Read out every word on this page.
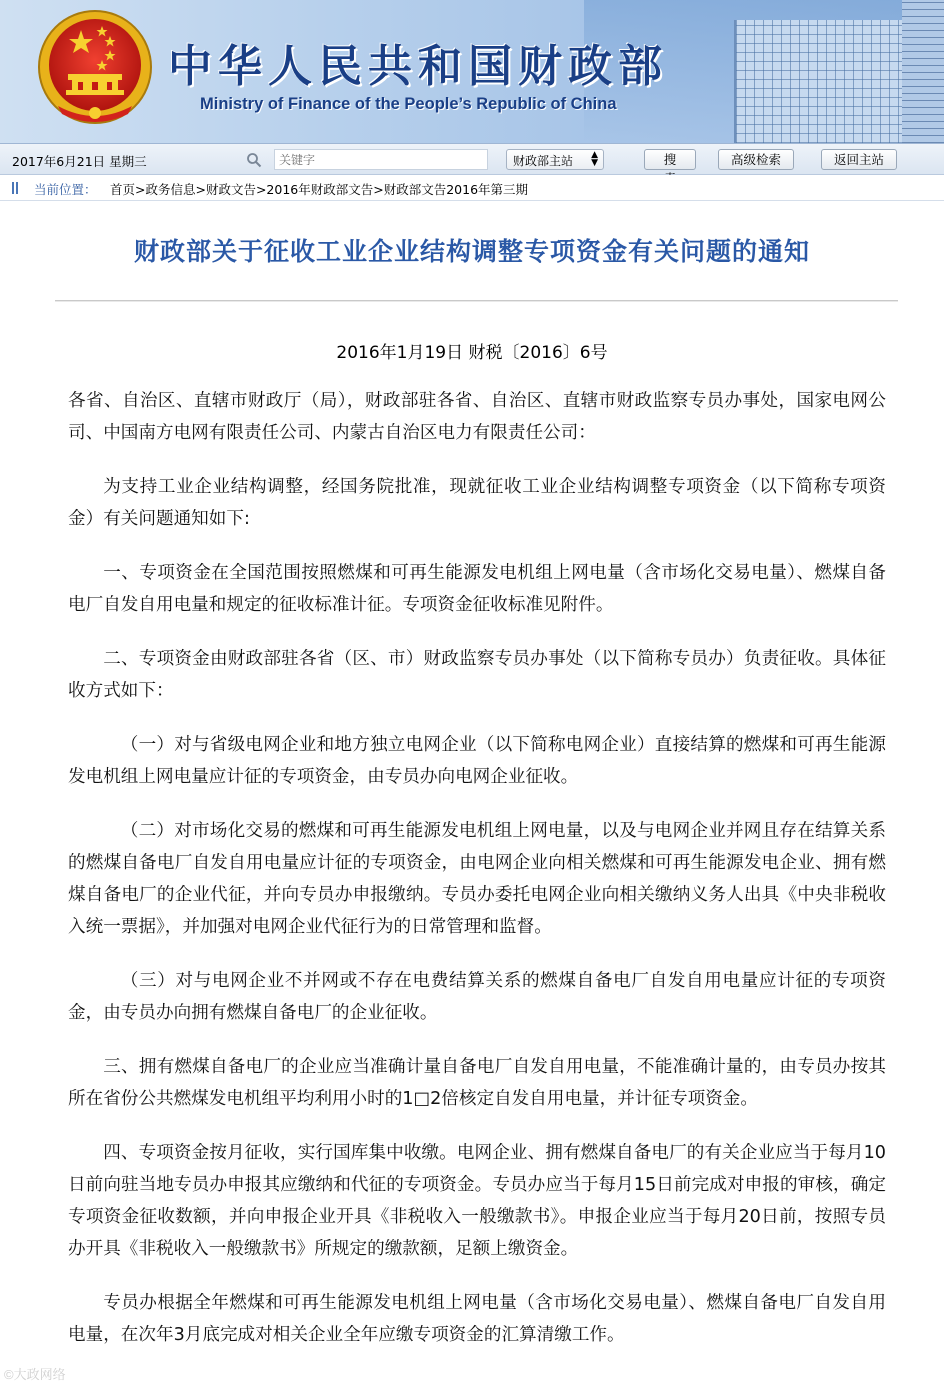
中华人民共和国财政部
Ministry of Finance of the People’s Republic of China
2017年6月21日 星期三
关键字	财政部主站 ▲
▼	搜	高级检索	返回主站
当前位置： 首页>政务信息>财政文告>2016年财政部文告>财政部文告2016年第三期
财政部关于征收工业企业结构调整专项资金有关问题的通知
2016年1月19日 财税〔2016〕6号

各省、自治区、直辖市财政厅（局），财政部驻各省、自治区、直辖市财政监察专员办事处，国家电网公司、中国南方电网有限责任公司、内蒙古自治区电力有限责任公司：

为支持工业企业结构调整，经国务院批准，现就征收工业企业结构调整专项资金（以下简称专项资金）有关问题通知如下:

一、专项资金在全国范围按照燃煤和可再生能源发电机组上网电量（含市场化交易电量）、燃煤自备电厂自发自用电量和规定的征收标准计征。专项资金征收标准见附件。

二、专项资金由财政部驻各省（区、市）财政监察专员办事处（以下简称专员办）负责征收。具体征收方式如下：

（一）对与省级电网企业和地方独立电网企业（以下简称电网企业）直接结算的燃煤和可再生能源发电机组上网电量应计征的专项资金，由专员办向电网企业征收。

（二）对市场化交易的燃煤和可再生能源发电机组上网电量，以及与电网企业并网且存在结算关系的燃煤自备电厂自发自用电量应计征的专项资金，由电网企业向相关燃煤和可再生能源发电企业、拥有燃煤自备电厂的企业代征，并向专员办申报缴纳。专员办委托电网企业向相关缴纳义务人出具《中央非税收入统一票据》，并加强对电网企业代征行为的日常管理和监督。

（三）对与电网企业不并网或不存在电费结算关系的燃煤自备电厂自发自用电量应计征的专项资金，由专员办向拥有燃煤自备电厂的企业征收。

三、拥有燃煤自备电厂的企业应当准确计量自备电厂自发自用电量，不能准确计量的，由专员办按其所在省份公共燃煤发电机组平均利用小时的1□2倍核定自发自用电量，并计征专项资金。

四、专项资金按月征收，实行国库集中收缴。电网企业、拥有燃煤自备电厂的有关企业应当于每月10日前向驻当地专员办申报其应缴纳和代征的专项资金。专员办应当于每月15日前完成对申报的审核，确定专项资金征收数额，并向申报企业开具《非税收入一般缴款书》。申报企业应当于每月20日前，按照专员办开具《非税收入一般缴款书》所规定的缴款额，足额上缴资金。

专员办根据全年燃煤和可再生能源发电机组上网电量（含市场化交易电量）、燃煤自备电厂自发自用电量，在次年3月底完成对相关企业全年应缴专项资金的汇算清缴工作。

©大政网络
